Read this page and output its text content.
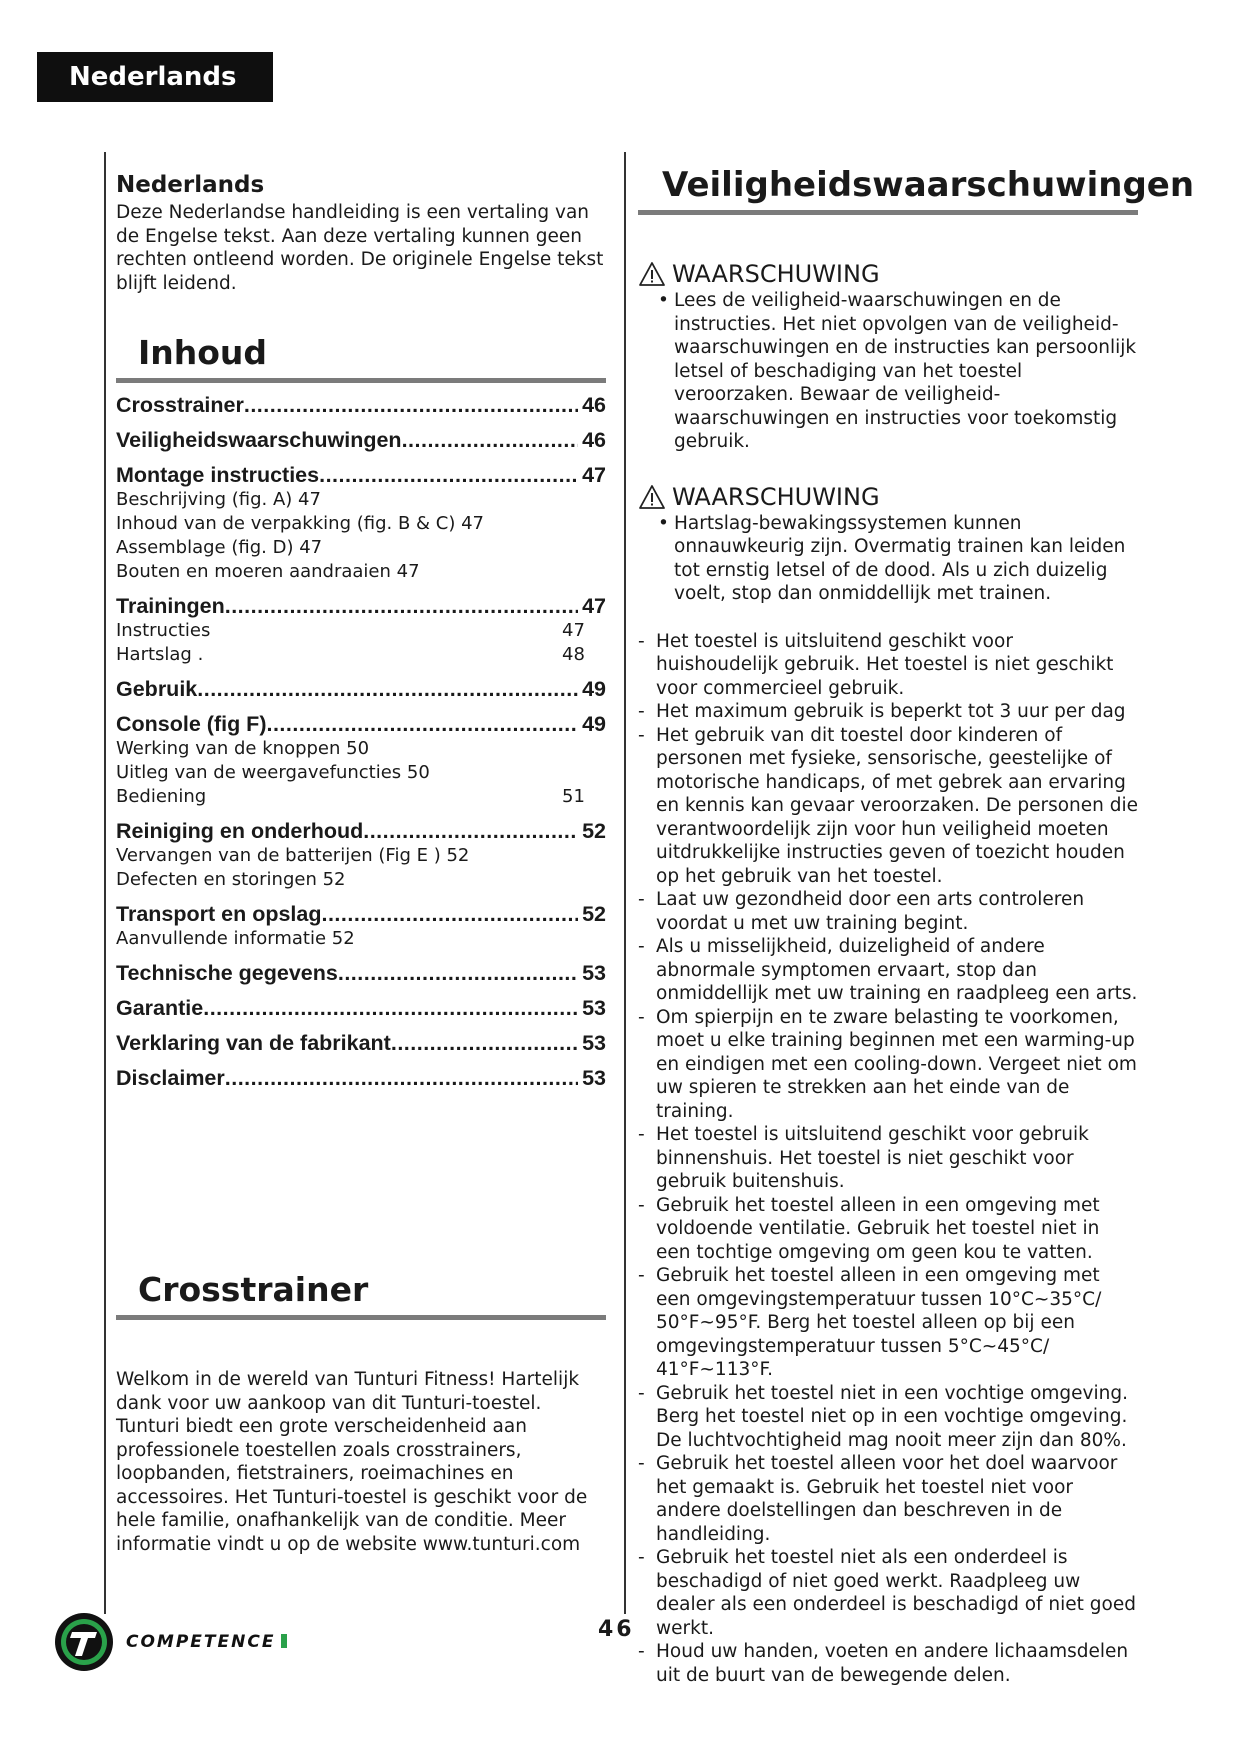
Nederlands
Nederlands
Deze Nederlandse handleiding is een vertaling van de Engelse tekst. Aan deze vertaling kunnen geen rechten ontleend worden. De originele Engelse tekst blijft leidend.
Inhoud
Crosstrainer .....	46
Veiligheidswaarschuwingen .....	46
Montage instructies .....	47
Beschrijving (fig. A) 47
Inhoud van de verpakking (fig. B & C) 47
Assemblage (fig. D) 47
Bouten en moeren aandraaien 47
Trainingen .....	47
Instructies	47
Hartslag .	48
Gebruik .....	49
Console (fig F) .....	49
Werking van de knoppen 50
Uitleg van de weergavefuncties 50
Bediening	51
Reiniging en onderhoud .....	52
Vervangen van de batterijen (Fig E ) 52
Defecten en storingen 52
Transport en opslag .....	52
Aanvullende informatie 52
Technische gegevens .....	53
Garantie .....	53
Verklaring van de fabrikant .....	53
Disclaimer .....	53
Crosstrainer
Welkom in de wereld van Tunturi Fitness! Hartelijk dank voor uw aankoop van dit Tunturi-toestel. Tunturi biedt een grote verscheidenheid aan professionele toestellen zoals crosstrainers, loopbanden, fietstrainers, roeimachines en accessoires. Het Tunturi-toestel is geschikt voor de hele familie, onafhankelijk van de conditie. Meer informatie vindt u op de website www.tunturi.com
Veiligheidswaarschuwingen
WAARSCHUWING
• Lees de veiligheid-waarschuwingen en de instructies. Het niet opvolgen van de veiligheid-waarschuwingen en de instructies kan persoonlijk letsel of beschadiging van het toestel veroorzaken. Bewaar de veiligheid-waarschuwingen en instructies voor toekomstig gebruik.
WAARSCHUWING
• Hartslag-bewakingssystemen kunnen onnauwkeurig zijn. Overmatig trainen kan leiden tot ernstig letsel of de dood. Als u zich duizelig voelt, stop dan onmiddellijk met trainen.
- Het toestel is uitsluitend geschikt voor huishoudelijk gebruik. Het toestel is niet geschikt voor commercieel gebruik.
- Het maximum gebruik is beperkt tot 3 uur per dag
- Het gebruik van dit toestel door kinderen of personen met fysieke, sensorische, geestelijke of motorische handicaps, of met gebrek aan ervaring en kennis kan gevaar veroorzaken. De personen die verantwoordelijk zijn voor hun veiligheid moeten uitdrukkelijke instructies geven of toezicht houden op het gebruik van het toestel.
- Laat uw gezondheid door een arts controleren voordat u met uw training begint.
- Als u misselijkheid, duizeligheid of andere abnormale symptomen ervaart, stop dan onmiddellijk met uw training en raadpleeg een arts.
- Om spierpijn en te zware belasting te voorkomen, moet u elke training beginnen met een warming-up en eindigen met een cooling-down. Vergeet niet om uw spieren te strekken aan het einde van de training.
- Het toestel is uitsluitend geschikt voor gebruik binnenshuis. Het toestel is niet geschikt voor gebruik buitenshuis.
- Gebruik het toestel alleen in een omgeving met voldoende ventilatie. Gebruik het toestel niet in een tochtige omgeving om geen kou te vatten.
- Gebruik het toestel alleen in een omgeving met een omgevingstemperatuur tussen 10°C~35°C/ 50°F~95°F. Berg het toestel alleen op bij een omgevingstemperatuur tussen 5°C~45°C/ 41°F~113°F.
- Gebruik het toestel niet in een vochtige omgeving. Berg het toestel niet op in een vochtige omgeving. De luchtvochtigheid mag nooit meer zijn dan 80%.
- Gebruik het toestel alleen voor het doel waarvoor het gemaakt is. Gebruik het toestel niet voor andere doelstellingen dan beschreven in de handleiding.
- Gebruik het toestel niet als een onderdeel is beschadigd of niet goed werkt. Raadpleeg uw dealer als een onderdeel is beschadigd of niet goed werkt.
- Houd uw handen, voeten en andere lichaamsdelen uit de buurt van de bewegende delen.
COMPETENCE	46
